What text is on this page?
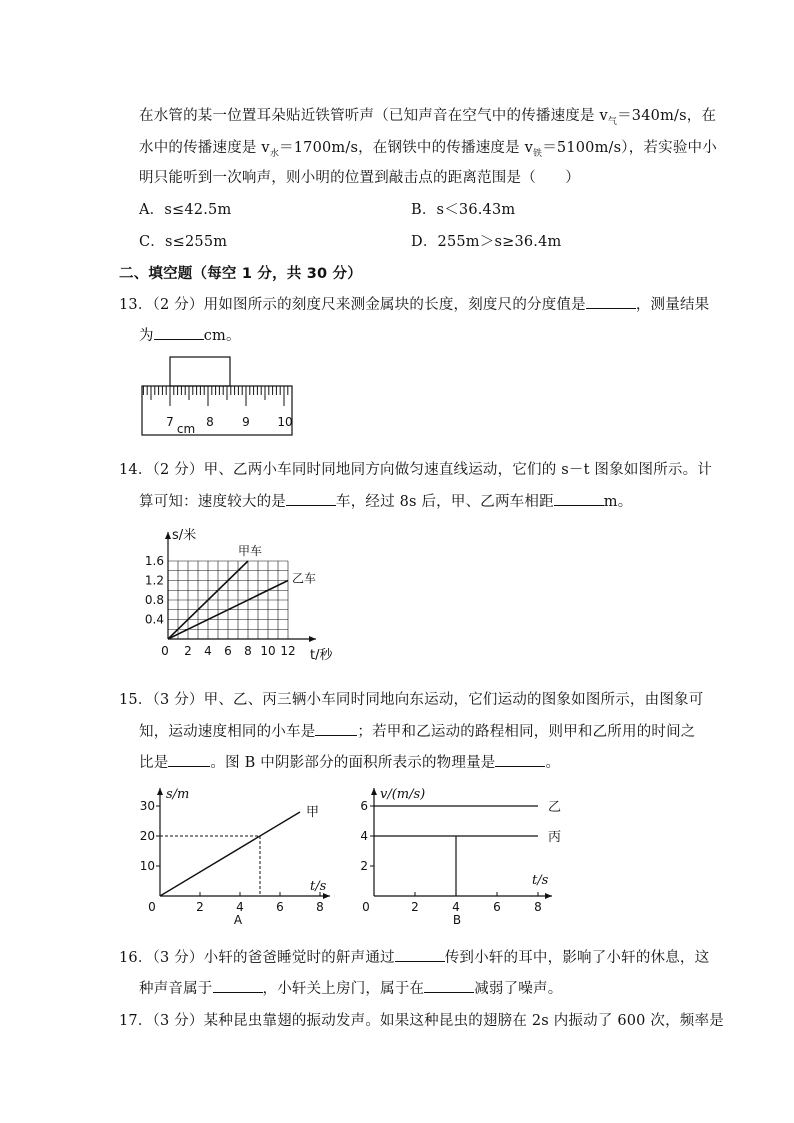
在水管的某一位置耳朵贴近铁管听声（已知声音在空气中的传播速度是 $v_气=340m/s$，在
水中的传播速度是 $v_水=1700m/s$，在钢铁中的传播速度是 $v_铁=5100m/s$），若实验中小
明只能听到一次响声，则小明的位置到敲击点的距离范围是（　　）
A．s≤42.5m	B．s＜36.43m
C．s≤255m	D．255m＞s≥36.4m
二、填空题（每空 1 分，共 30 分）
13．（2 分）用如图所示的刻度尺来测金属块的长度，刻度尺的分度值是	，测量结果
为	cm。
7	8 9 10
cm
14．（2 分）甲、乙两小车同时同地同方向做匀速直线运动，它们的 s－t 图象如图所示。计
算可知：速度较大的是	车，经过 8s 后，甲、乙两车相距	m。
0 2 4 6 8 10 12
0.4
0.8
1.2
1.6
s/米
t/秒
甲车
乙车
15．（3 分）甲、乙、丙三辆小车同时同地向东运动，它们运动的图象如图所示，由图象可
知，运动速度相同的小车是	；若甲和乙运动的路程相同，则甲和乙所用的时间之
比是	。图 B 中阴影部分的面积所表示的物理量是	。
0	2	4	6	8
10
20
30	甲
s/m
t/s
A
0	2	4	6	8
2
4
6	乙
丙
v/(m/s)
t/s
B
16．（3 分）小轩的爸爸睡觉时的鼾声通过	传到小轩的耳中，影响了小轩的休息，这
种声音属于	，小轩关上房门，属于在	减弱了噪声。
17．（3 分）某种昆虫靠翅的振动发声。如果这种昆虫的翅膀在 2s 内振动了 600 次，频率是
